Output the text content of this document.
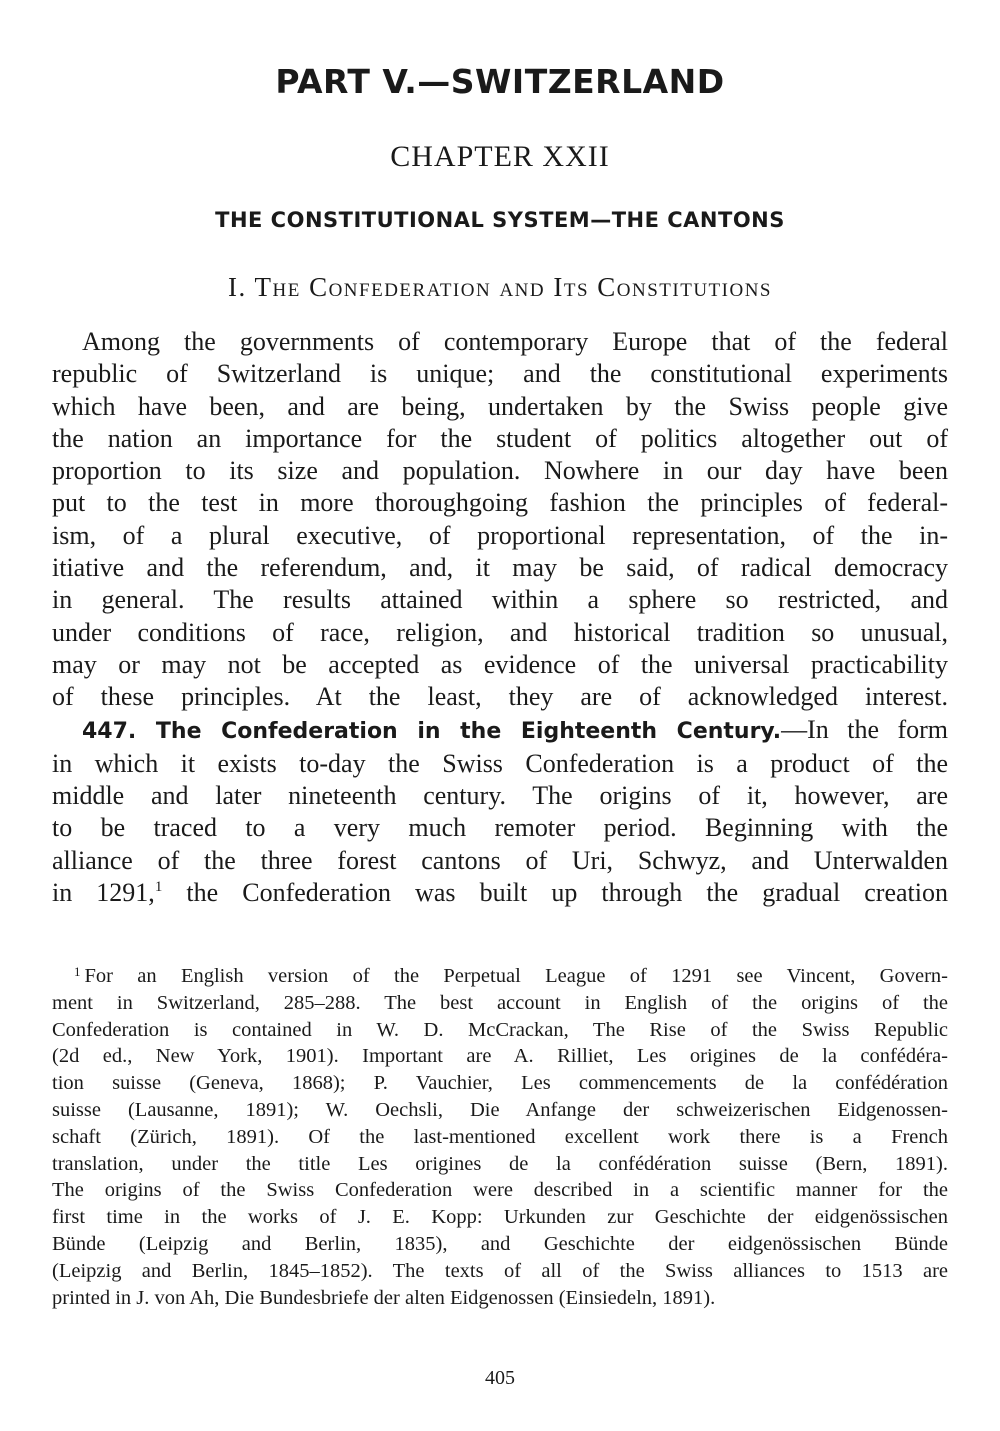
PART V.—SWITZERLAND
CHAPTER XXII
THE CONSTITUTIONAL SYSTEM—THE CANTONS
I. The Confederation and Its Constitutions
Among the governments of contemporary Europe that of the federal
republic of Switzerland is unique; and the constitutional experiments
which have been, and are being, undertaken by the Swiss people give
the nation an importance for the student of politics altogether out of
proportion to its size and population. Nowhere in our day have been
put to the test in more thoroughgoing fashion the principles of federal-
ism, of a plural executive, of proportional representation, of the in-
itiative and the referendum, and, it may be said, of radical democracy
in general. The results attained within a sphere so restricted, and
under conditions of race, religion, and historical tradition so unusual,
may or may not be accepted as evidence of the universal practicability
of these principles. At the least, they are of acknowledged interest.
447. The Confederation in the Eighteenth Century.—In the form
in which it exists to-day the Swiss Confederation is a product of the
middle and later nineteenth century. The origins of it, however, are
to be traced to a very much remoter period. Beginning with the
alliance of the three forest cantons of Uri, Schwyz, and Unterwalden
in 1291,$^1$ the Confederation was built up through the gradual creation
$^1$ For an English version of the Perpetual League of 1291 see Vincent, Govern-
ment in Switzerland, 285–288. The best account in English of the origins of the
Confederation is contained in W. D. McCrackan, The Rise of the Swiss Republic
(2d ed., New York, 1901). Important are A. Rilliet, Les origines de la confédéra-
tion suisse (Geneva, 1868); P. Vauchier, Les commencements de la confédération
suisse (Lausanne, 1891); W. Oechsli, Die Anfange der schweizerischen Eidgenossen-
schaft (Zürich, 1891). Of the last-mentioned excellent work there is a French
translation, under the title Les origines de la confédération suisse (Bern, 1891).
The origins of the Swiss Confederation were described in a scientific manner for the
first time in the works of J. E. Kopp: Urkunden zur Geschichte der eidgenössischen
Bünde (Leipzig and Berlin, 1835), and Geschichte der eidgenössischen Bünde
(Leipzig and Berlin, 1845–1852). The texts of all of the Swiss alliances to 1513 are
printed in J. von Ah, Die Bundesbriefe der alten Eidgenossen (Einsiedeln, 1891).
405
